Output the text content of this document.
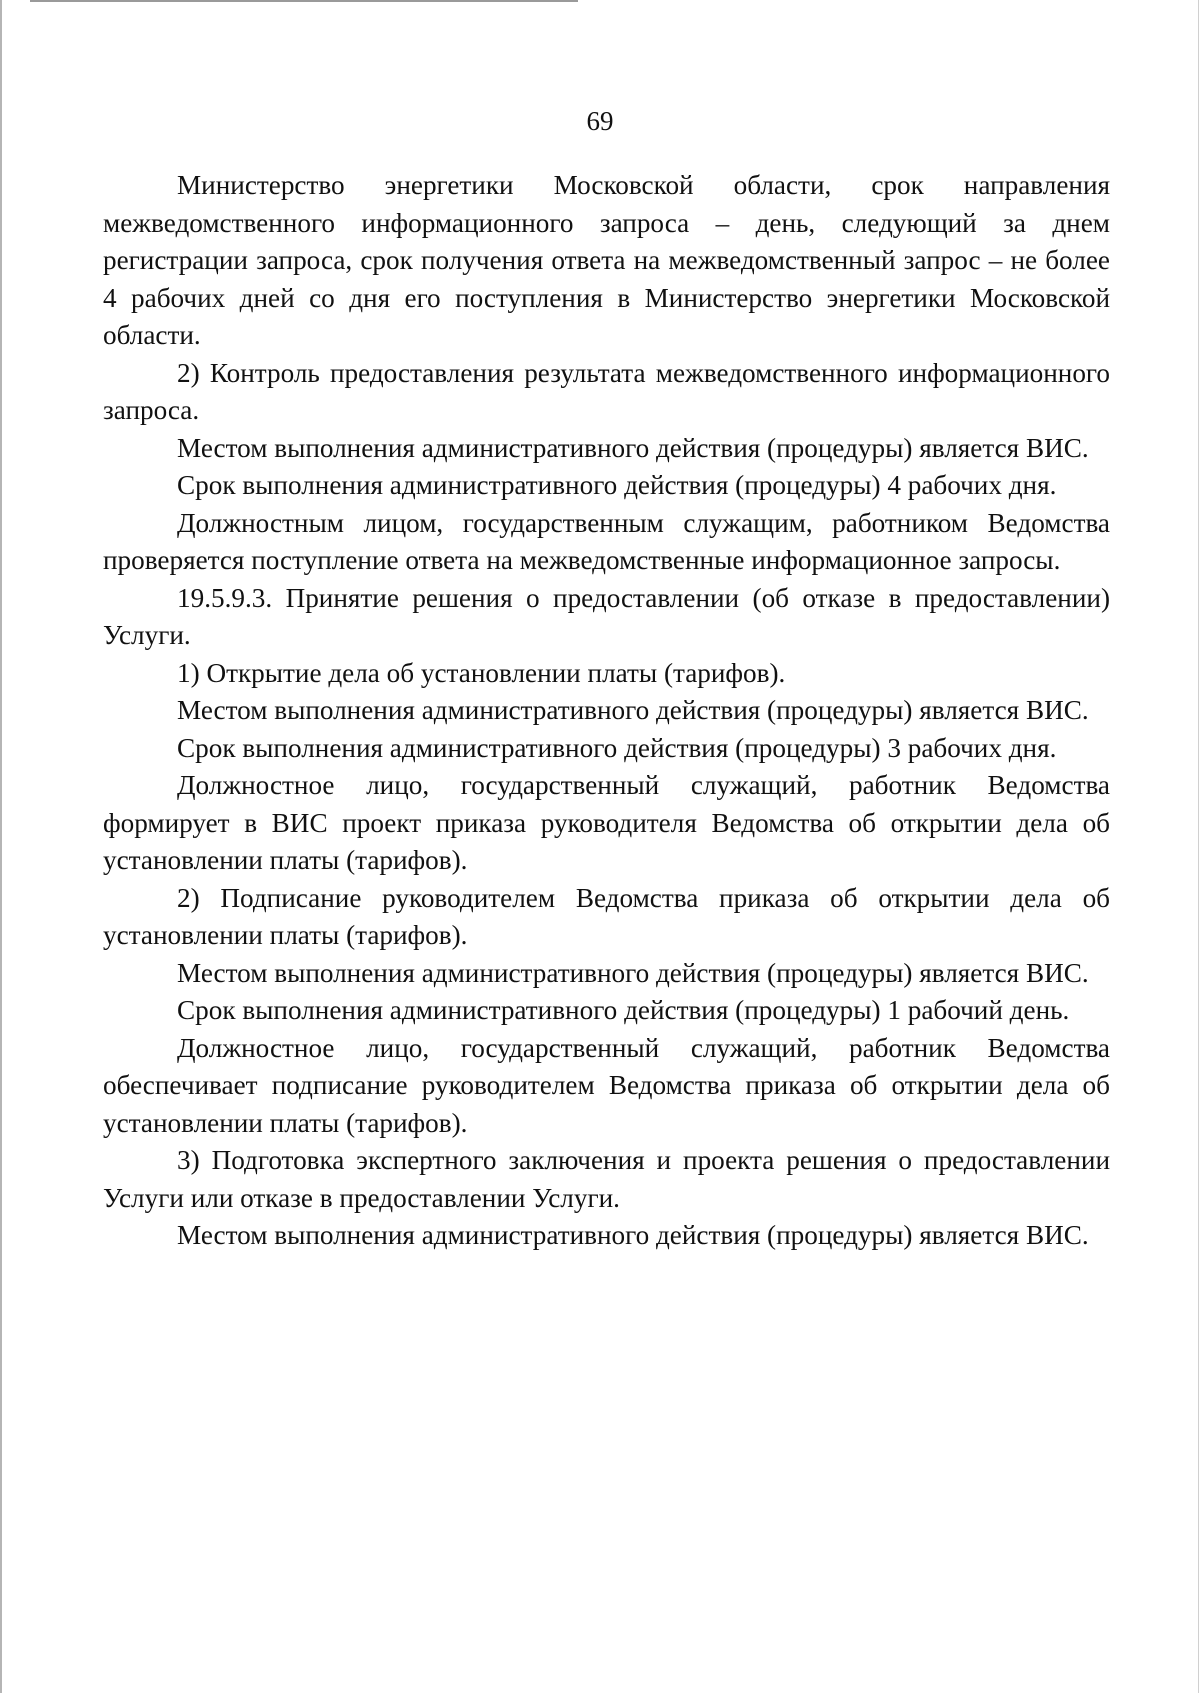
69

Министерство энергетики Московской области, срок направления межведомственного информационного запроса – день, следующий за днем регистрации запроса, срок получения ответа на межведомственный запрос – не более 4 рабочих дней со дня его поступления в Министерство энергетики Московской области.

2) Контроль предоставления результата межведомственного информационного запроса.

Местом выполнения административного действия (процедуры) является ВИС.

Срок выполнения административного действия (процедуры) 4 рабочих дня.

Должностным лицом, государственным служащим, работником Ведомства проверяется поступление ответа на межведомственные информационное запросы.

19.5.9.3. Принятие решения о предоставлении (об отказе в предоставлении) Услуги.

1) Открытие дела об установлении платы (тарифов).

Местом выполнения административного действия (процедуры) является ВИС.

Срок выполнения административного действия (процедуры) 3 рабочих дня.

Должностное лицо, государственный служащий, работник Ведомства формирует в ВИС проект приказа руководителя Ведомства об открытии дела об установлении платы (тарифов).

2) Подписание руководителем Ведомства приказа об открытии дела об установлении платы (тарифов).

Местом выполнения административного действия (процедуры) является ВИС.

Срок выполнения административного действия (процедуры) 1 рабочий день.

Должностное лицо, государственный служащий, работник Ведомства обеспечивает подписание руководителем Ведомства приказа об открытии дела об установлении платы (тарифов).

3) Подготовка экспертного заключения и проекта решения о предоставлении Услуги или отказе в предоставлении Услуги.

Местом выполнения административного действия (процедуры) является ВИС.
